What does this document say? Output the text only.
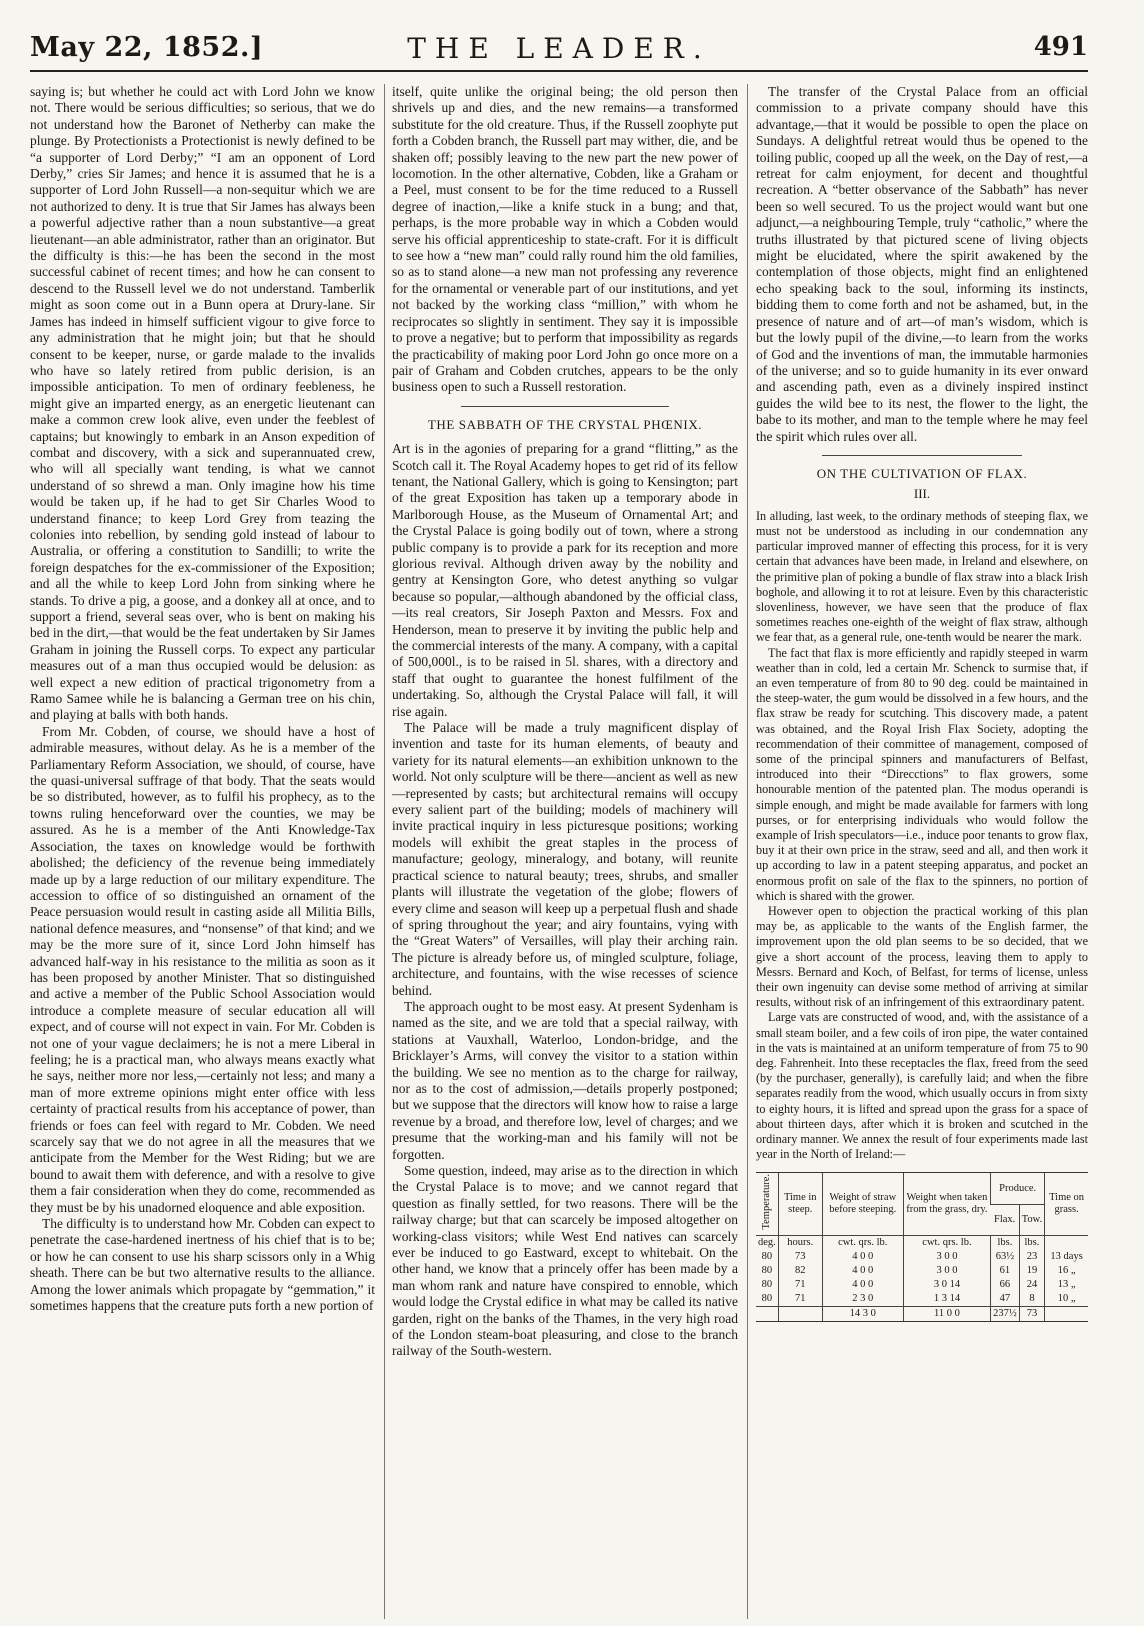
May 22, 1852.]	THE LEADER.	491

saying is; but whether he could act with Lord John we know not. There would be serious difficulties; so serious, that we do not understand how the Baronet of Netherby can make the plunge. By Protectionists a Protectionist is newly defined to be “a supporter of Lord Derby;” “I am an opponent of Lord Derby,” cries Sir James; and hence it is assumed that he is a supporter of Lord John Russell—a non-sequitur which we are not authorized to deny. It is true that Sir James has always been a powerful adjective rather than a noun substantive—a great lieutenant—an able administrator, rather than an originator. But the difficulty is this:—he has been the second in the most successful cabinet of recent times; and how he can consent to descend to the Russell level we do not understand. Tamberlik might as soon come out in a Bunn opera at Drury-lane. Sir James has indeed in himself sufficient vigour to give force to any administration that he might join; but that he should consent to be keeper, nurse, or garde malade to the invalids who have so lately retired from public derision, is an impossible anticipation. To men of ordinary feebleness, he might give an imparted energy, as an energetic lieutenant can make a common crew look alive, even under the feeblest of captains; but knowingly to embark in an Anson expedition of combat and discovery, with a sick and superannuated crew, who will all specially want tending, is what we cannot understand of so shrewd a man. Only imagine how his time would be taken up, if he had to get Sir Charles Wood to understand finance; to keep Lord Grey from teazing the colonies into rebellion, by sending gold instead of labour to Australia, or offering a constitution to Sandilli; to write the foreign despatches for the ex-commissioner of the Exposition; and all the while to keep Lord John from sinking where he stands. To drive a pig, a goose, and a donkey all at once, and to support a friend, several seas over, who is bent on making his bed in the dirt,—that would be the feat undertaken by Sir James Graham in joining the Russell corps. To expect any particular measures out of a man thus occupied would be delusion: as well expect a new edition of practical trigonometry from a Ramo Samee while he is balancing a German tree on his chin, and playing at balls with both hands.

From Mr. Cobden, of course, we should have a host of admirable measures, without delay. As he is a member of the Parliamentary Reform Association, we should, of course, have the quasi-universal suffrage of that body. That the seats would be so distributed, however, as to fulfil his prophecy, as to the towns ruling henceforward over the counties, we may be assured. As he is a member of the Anti Knowledge-Tax Association, the taxes on knowledge would be forthwith abolished; the deficiency of the revenue being immediately made up by a large reduction of our military expenditure. The accession to office of so distinguished an ornament of the Peace persuasion would result in casting aside all Militia Bills, national defence measures, and “nonsense” of that kind; and we may be the more sure of it, since Lord John himself has advanced half-way in his resistance to the militia as soon as it has been proposed by another Minister. That so distinguished and active a member of the Public School Association would introduce a complete measure of secular education all will expect, and of course will not expect in vain. For Mr. Cobden is not one of your vague declaimers; he is not a mere Liberal in feeling; he is a practical man, who always means exactly what he says, neither more nor less,—certainly not less; and many a man of more extreme opinions might enter office with less certainty of practical results from his acceptance of power, than friends or foes can feel with regard to Mr. Cobden. We need scarcely say that we do not agree in all the measures that we anticipate from the Member for the West Riding; but we are bound to await them with deference, and with a resolve to give them a fair consideration when they do come, recommended as they must be by his unadorned eloquence and able exposition.

The difficulty is to understand how Mr. Cobden can expect to penetrate the case-hardened inertness of his chief that is to be; or how he can consent to use his sharp scissors only in a Whig sheath. There can be but two alternative results to the alliance. Among the lower animals which propagate by “gemmation,” it sometimes happens that the creature puts forth a new portion of

itself, quite unlike the original being; the old person then shrivels up and dies, and the new remains—a transformed substitute for the old creature. Thus, if the Russell zoophyte put forth a Cobden branch, the Russell part may wither, die, and be shaken off; possibly leaving to the new part the new power of locomotion. In the other alternative, Cobden, like a Graham or a Peel, must consent to be for the time reduced to a Russell degree of inaction,—like a knife stuck in a bung; and that, perhaps, is the more probable way in which a Cobden would serve his official apprenticeship to state-craft. For it is difficult to see how a “new man” could rally round him the old families, so as to stand alone—a new man not professing any reverence for the ornamental or venerable part of our institutions, and yet not backed by the working class “million,” with whom he reciprocates so slightly in sentiment. They say it is impossible to prove a negative; but to perform that impossibility as regards the practicability of making poor Lord John go once more on a pair of Graham and Cobden crutches, appears to be the only business open to such a Russell restoration.

THE SABBATH OF THE CRYSTAL PHŒNIX.

Art is in the agonies of preparing for a grand “flitting,” as the Scotch call it. The Royal Academy hopes to get rid of its fellow tenant, the National Gallery, which is going to Kensington; part of the great Exposition has taken up a temporary abode in Marlborough House, as the Museum of Ornamental Art; and the Crystal Palace is going bodily out of town, where a strong public company is to provide a park for its reception and more glorious revival. Although driven away by the nobility and gentry at Kensington Gore, who detest anything so vulgar because so popular,—although abandoned by the official class,—its real creators, Sir Joseph Paxton and Messrs. Fox and Henderson, mean to preserve it by inviting the public help and the commercial interests of the many. A company, with a capital of 500,000l., is to be raised in 5l. shares, with a directory and staff that ought to guarantee the honest fulfilment of the undertaking. So, although the Crystal Palace will fall, it will rise again.

The Palace will be made a truly magnificent display of invention and taste for its human elements, of beauty and variety for its natural elements—an exhibition unknown to the world. Not only sculpture will be there—ancient as well as new—represented by casts; but architectural remains will occupy every salient part of the building; models of machinery will invite practical inquiry in less picturesque positions; working models will exhibit the great staples in the process of manufacture; geology, mineralogy, and botany, will reunite practical science to natural beauty; trees, shrubs, and smaller plants will illustrate the vegetation of the globe; flowers of every clime and season will keep up a perpetual flush and shade of spring throughout the year; and airy fountains, vying with the “Great Waters” of Versailles, will play their arching rain. The picture is already before us, of mingled sculpture, foliage, architecture, and fountains, with the wise recesses of science behind.

The approach ought to be most easy. At present Sydenham is named as the site, and we are told that a special railway, with stations at Vauxhall, Waterloo, London-bridge, and the Bricklayer’s Arms, will convey the visitor to a station within the building. We see no mention as to the charge for railway, nor as to the cost of admission,—details properly postponed; but we suppose that the directors will know how to raise a large revenue by a broad, and therefore low, level of charges; and we presume that the working-man and his family will not be forgotten.

Some question, indeed, may arise as to the direction in which the Crystal Palace is to move; and we cannot regard that question as finally settled, for two reasons. There will be the railway charge; but that can scarcely be imposed altogether on working-class visitors; while West End natives can scarcely ever be induced to go Eastward, except to whitebait. On the other hand, we know that a princely offer has been made by a man whom rank and nature have conspired to ennoble, which would lodge the Crystal edifice in what may be called its native garden, right on the banks of the Thames, in the very high road of the London steam-boat pleasuring, and close to the branch railway of the South-western.

The transfer of the Crystal Palace from an official commission to a private company should have this advantage,—that it would be possible to open the place on Sundays. A delightful retreat would thus be opened to the toiling public, cooped up all the week, on the Day of rest,—a retreat for calm enjoyment, for decent and thoughtful recreation. A “better observance of the Sabbath” has never been so well secured. To us the project would want but one adjunct,—a neighbouring Temple, truly “catholic,” where the truths illustrated by that pictured scene of living objects might be elucidated, where the spirit awakened by the contemplation of those objects, might find an enlightened echo speaking back to the soul, informing its instincts, bidding them to come forth and not be ashamed, but, in the presence of nature and of art—of man’s wisdom, which is but the lowly pupil of the divine,—to learn from the works of God and the inventions of man, the immutable harmonies of the universe; and so to guide humanity in its ever onward and ascending path, even as a divinely inspired instinct guides the wild bee to its nest, the flower to the light, the babe to its mother, and man to the temple where he may feel the spirit which rules over all.

ON THE CULTIVATION OF FLAX.
III.

In alluding, last week, to the ordinary methods of steeping flax, we must not be understood as including in our condemnation any particular improved manner of effecting this process, for it is very certain that advances have been made, in Ireland and elsewhere, on the primitive plan of poking a bundle of flax straw into a black Irish boghole, and allowing it to rot at leisure. Even by this characteristic slovenliness, however, we have seen that the produce of flax sometimes reaches one-eighth of the weight of flax straw, although we fear that, as a general rule, one-tenth would be nearer the mark.

The fact that flax is more efficiently and rapidly steeped in warm weather than in cold, led a certain Mr. Schenck to surmise that, if an even temperature of from 80 to 90 deg. could be maintained in the steep-water, the gum would be dissolved in a few hours, and the flax straw be ready for scutching. This discovery made, a patent was obtained, and the Royal Irish Flax Society, adopting the recommendation of their committee of management, composed of some of the principal spinners and manufacturers of Belfast, introduced into their “Direcctions” to flax growers, some honourable mention of the patented plan. The modus operandi is simple enough, and might be made available for farmers with long purses, or for enterprising individuals who would follow the example of Irish speculators—i.e., induce poor tenants to grow flax, buy it at their own price in the straw, seed and all, and then work it up according to law in a patent steeping apparatus, and pocket an enormous profit on sale of the flax to the spinners, no portion of which is shared with the grower.

However open to objection the practical working of this plan may be, as applicable to the wants of the English farmer, the improvement upon the old plan seems to be so decided, that we give a short account of the process, leaving them to apply to Messrs. Bernard and Koch, of Belfast, for terms of license, unless their own ingenuity can devise some method of arriving at similar results, without risk of an infringement of this extraordinary patent.

Large vats are constructed of wood, and, with the assistance of a small steam boiler, and a few coils of iron pipe, the water contained in the vats is maintained at an uniform temperature of from 75 to 90 deg. Fahrenheit. Into these receptacles the flax, freed from the seed (by the purchaser, generally), is carefully laid; and when the fibre separates readily from the wood, which usually occurs in from sixty to eighty hours, it is lifted and spread upon the grass for a space of about thirteen days, after which it is broken and scutched in the ordinary manner. We annex the result of four experiments made last year in the North of Ireland:—

Temperature.	Time in steep.	Weight of straw before steeping.	Weight when taken from the grass, dry.	Produce.		Time on grass.
				Flax.	Tow.	
deg.	hours.	cwt. qrs. lb.	cwt. qrs. lb.	lbs.	lbs.	
80	73	4 0 0	3 0 0	63½	23	13 days
80	82	4 0 0	3 0 0	61	19	16 „
80	71	4 0 0	3 0 14	66	24	13 „
80	71	2 3 0	1 3 14	47	8	10 „
		14 3 0	11 0 0	237½	73	
